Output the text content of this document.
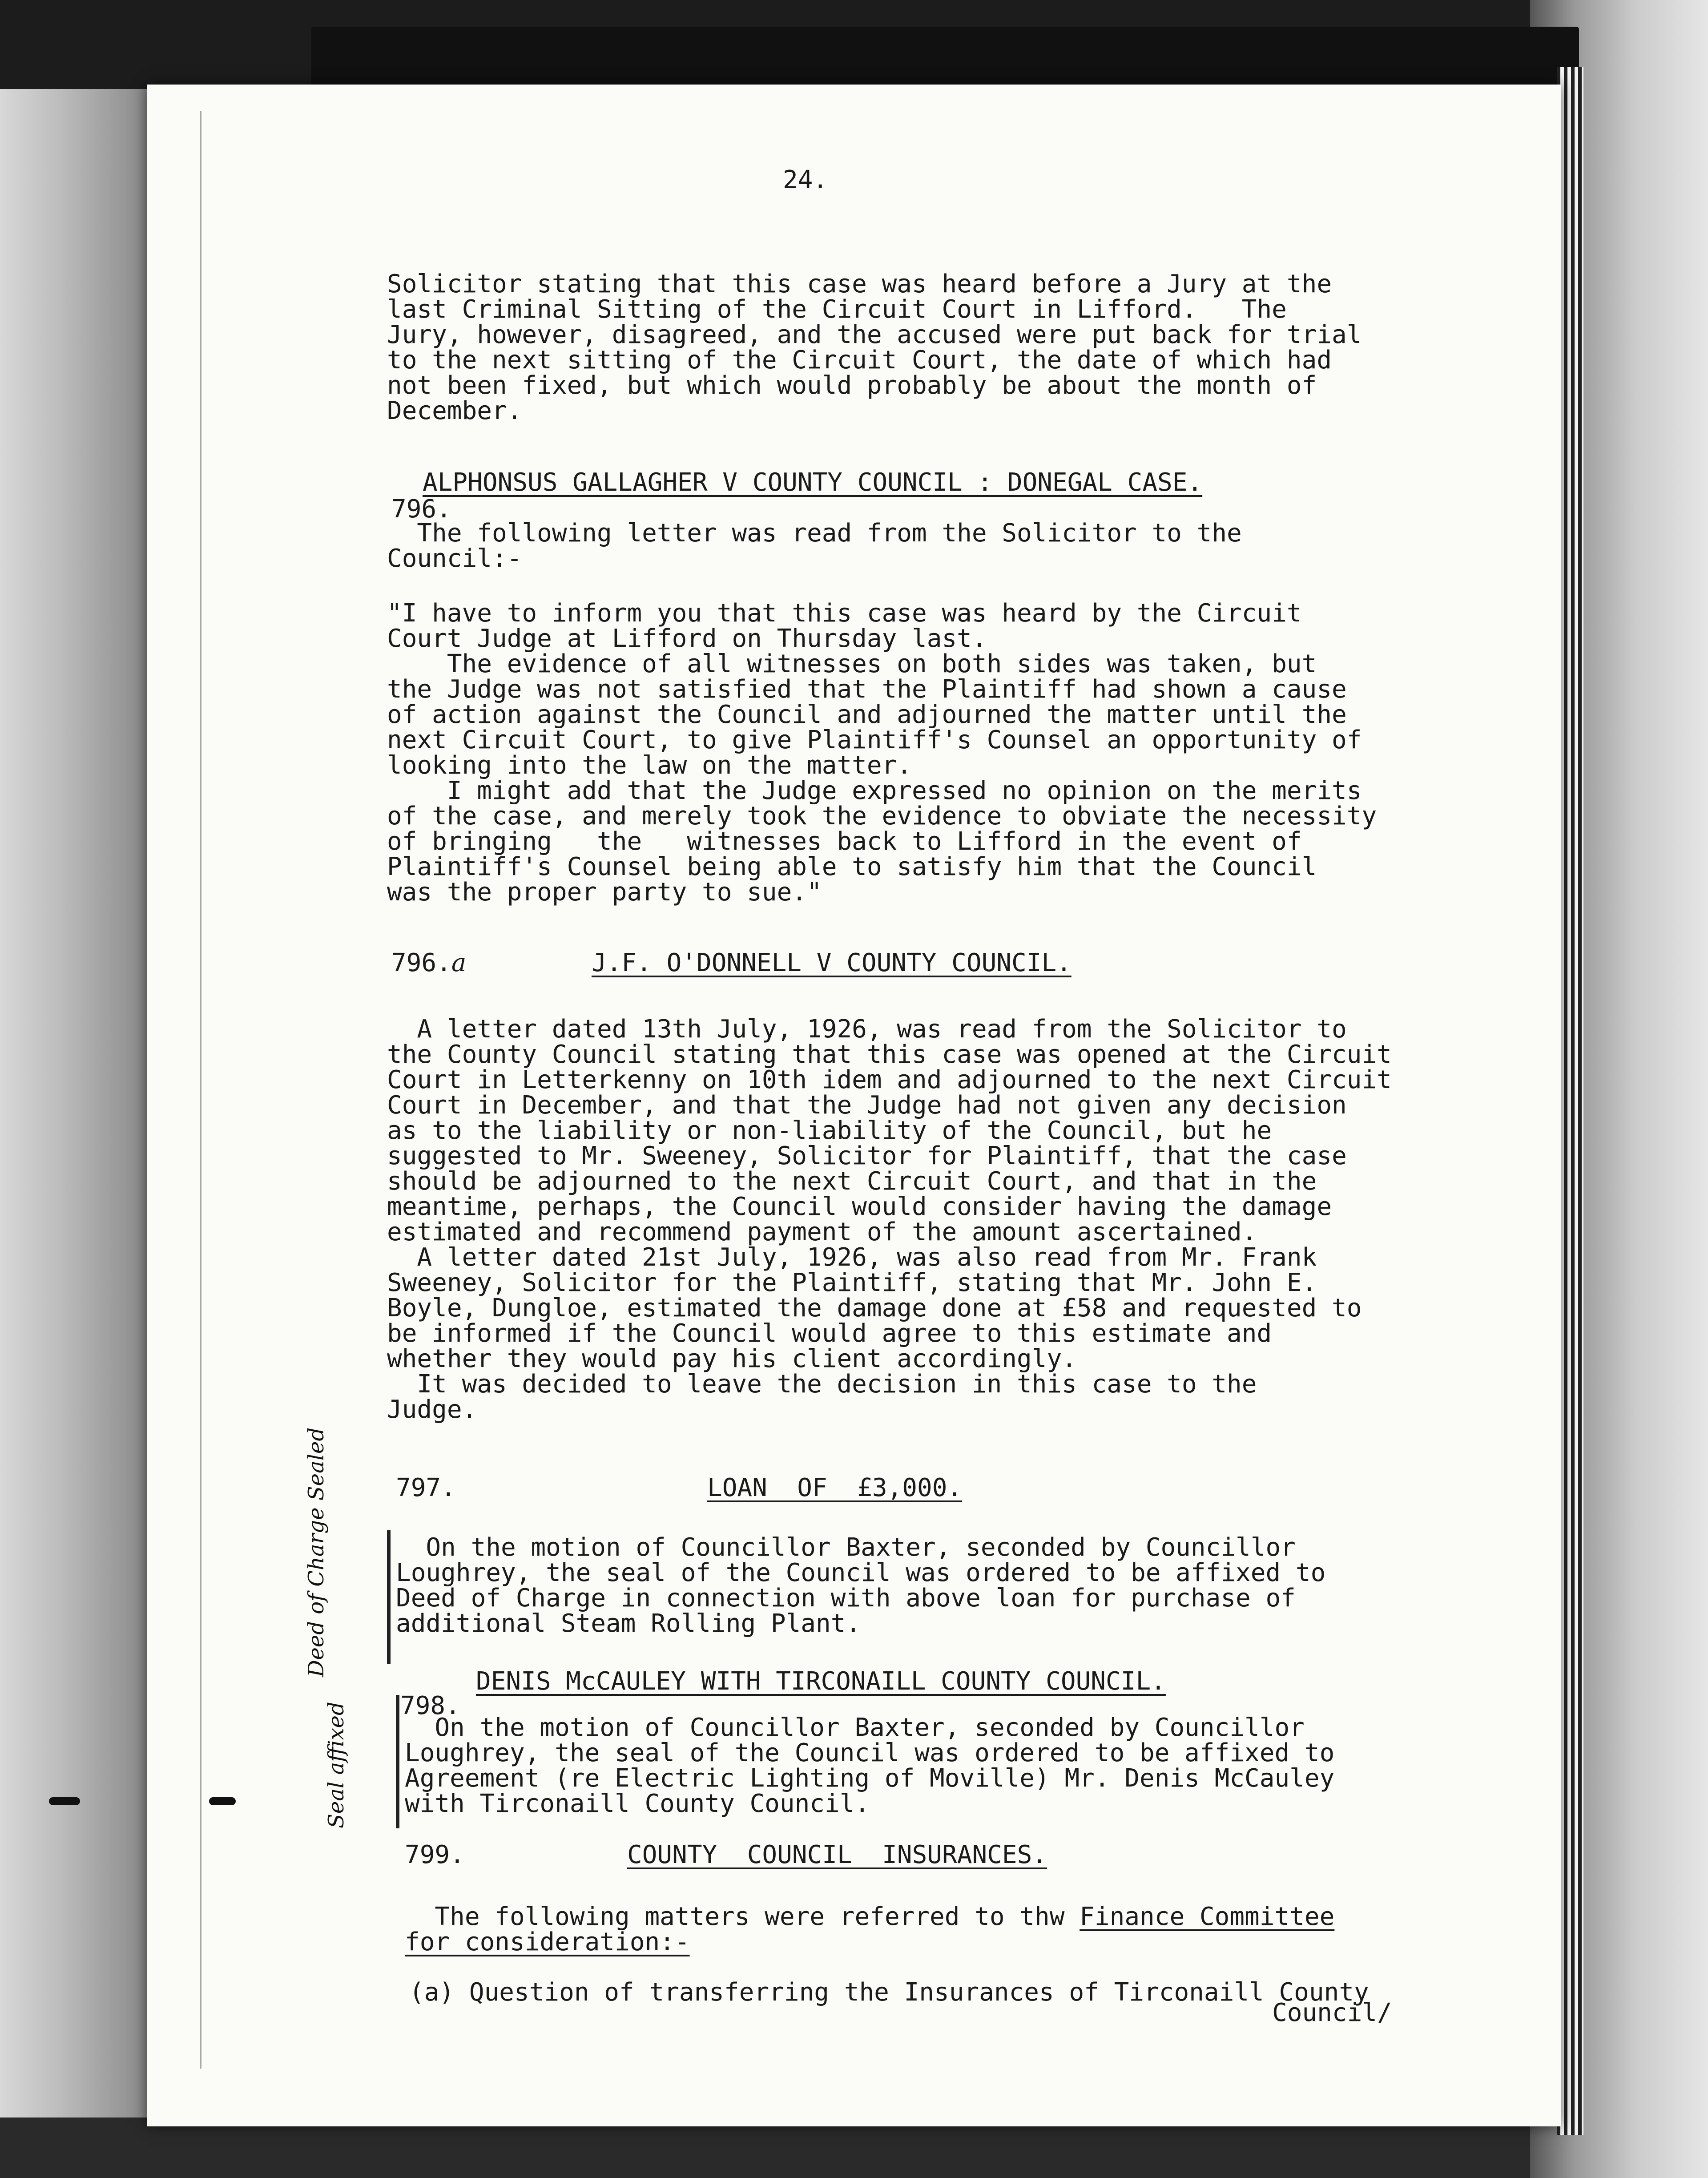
24.

Solicitor stating that this case was heard before a Jury at the

last Criminal Sitting of the Circuit Court in Lifford.   The

Jury, however, disagreed, and the accused were put back for trial

to the next sitting of the Circuit Court, the date of which had

not been fixed, but which would probably be about the month of

December.

ALPHONSUS GALLAGHER V COUNTY COUNCIL : DONEGAL CASE.
796.

The following letter was read from the Solicitor to the

Council:-

"I have to inform you that this case was heard by the Circuit

Court Judge at Lifford on Thursday last.

The evidence of all witnesses on both sides was taken, but

the Judge was not satisfied that the Plaintiff had shown a cause

of action against the Council and adjourned the matter until the

next Circuit Court, to give Plaintiff's Counsel an opportunity of

looking into the law on the matter.

I might add that the Judge expressed no opinion on the merits

of the case, and merely took the evidence to obviate the necessity

of bringing   the   witnesses back to Lifford in the event of

Plaintiff's Counsel being able to satisfy him that the Council

was the proper party to sue."

796.a	J.F. O'DONNELL V COUNTY COUNCIL.

A letter dated 13th July, 1926, was read from the Solicitor to

the County Council stating that this case was opened at the Circuit

Court in Letterkenny on 10th idem and adjourned to the next Circuit

Court in December, and that the Judge had not given any decision

as to the liability or non-liability of the Council, but he

suggested to Mr. Sweeney, Solicitor for Plaintiff, that the case

should be adjourned to the next Circuit Court, and that in the

meantime, perhaps, the Council would consider having the damage

estimated and recommend payment of the amount ascertained.

A letter dated 21st July, 1926, was also read from Mr. Frank

Sweeney, Solicitor for the Plaintiff, stating that Mr. John E.

Boyle, Dungloe, estimated the damage done at £58 and requested to

be informed if the Council would agree to this estimate and

whether they would pay his client accordingly.

It was decided to leave the decision in this case to the

Judge.

797.	LOAN  OF  £3,000.
Deed of Charge Sealed	On the motion of Councillor Baxter, seconded by Councillor

Loughrey, the seal of the Council was ordered to be affixed to

Deed of Charge in connection with above loan for purchase of

additional Steam Rolling Plant.

DENIS McCAULEY WITH TIRCONAILL COUNTY COUNCIL.
798.
Seal affixed On the motion of Councillor Baxter, seconded by Councillor

Loughrey, the seal of the Council was ordered to be affixed to

Agreement (re Electric Lighting of Moville) Mr. Denis McCauley

with Tirconaill County Council.

799.	COUNTY  COUNCIL  INSURANCES.

The following matters were referred to thw Finance Committee

for consideration:-

(a) Question of transferring the Insurances of Tirconaill County

Council/
